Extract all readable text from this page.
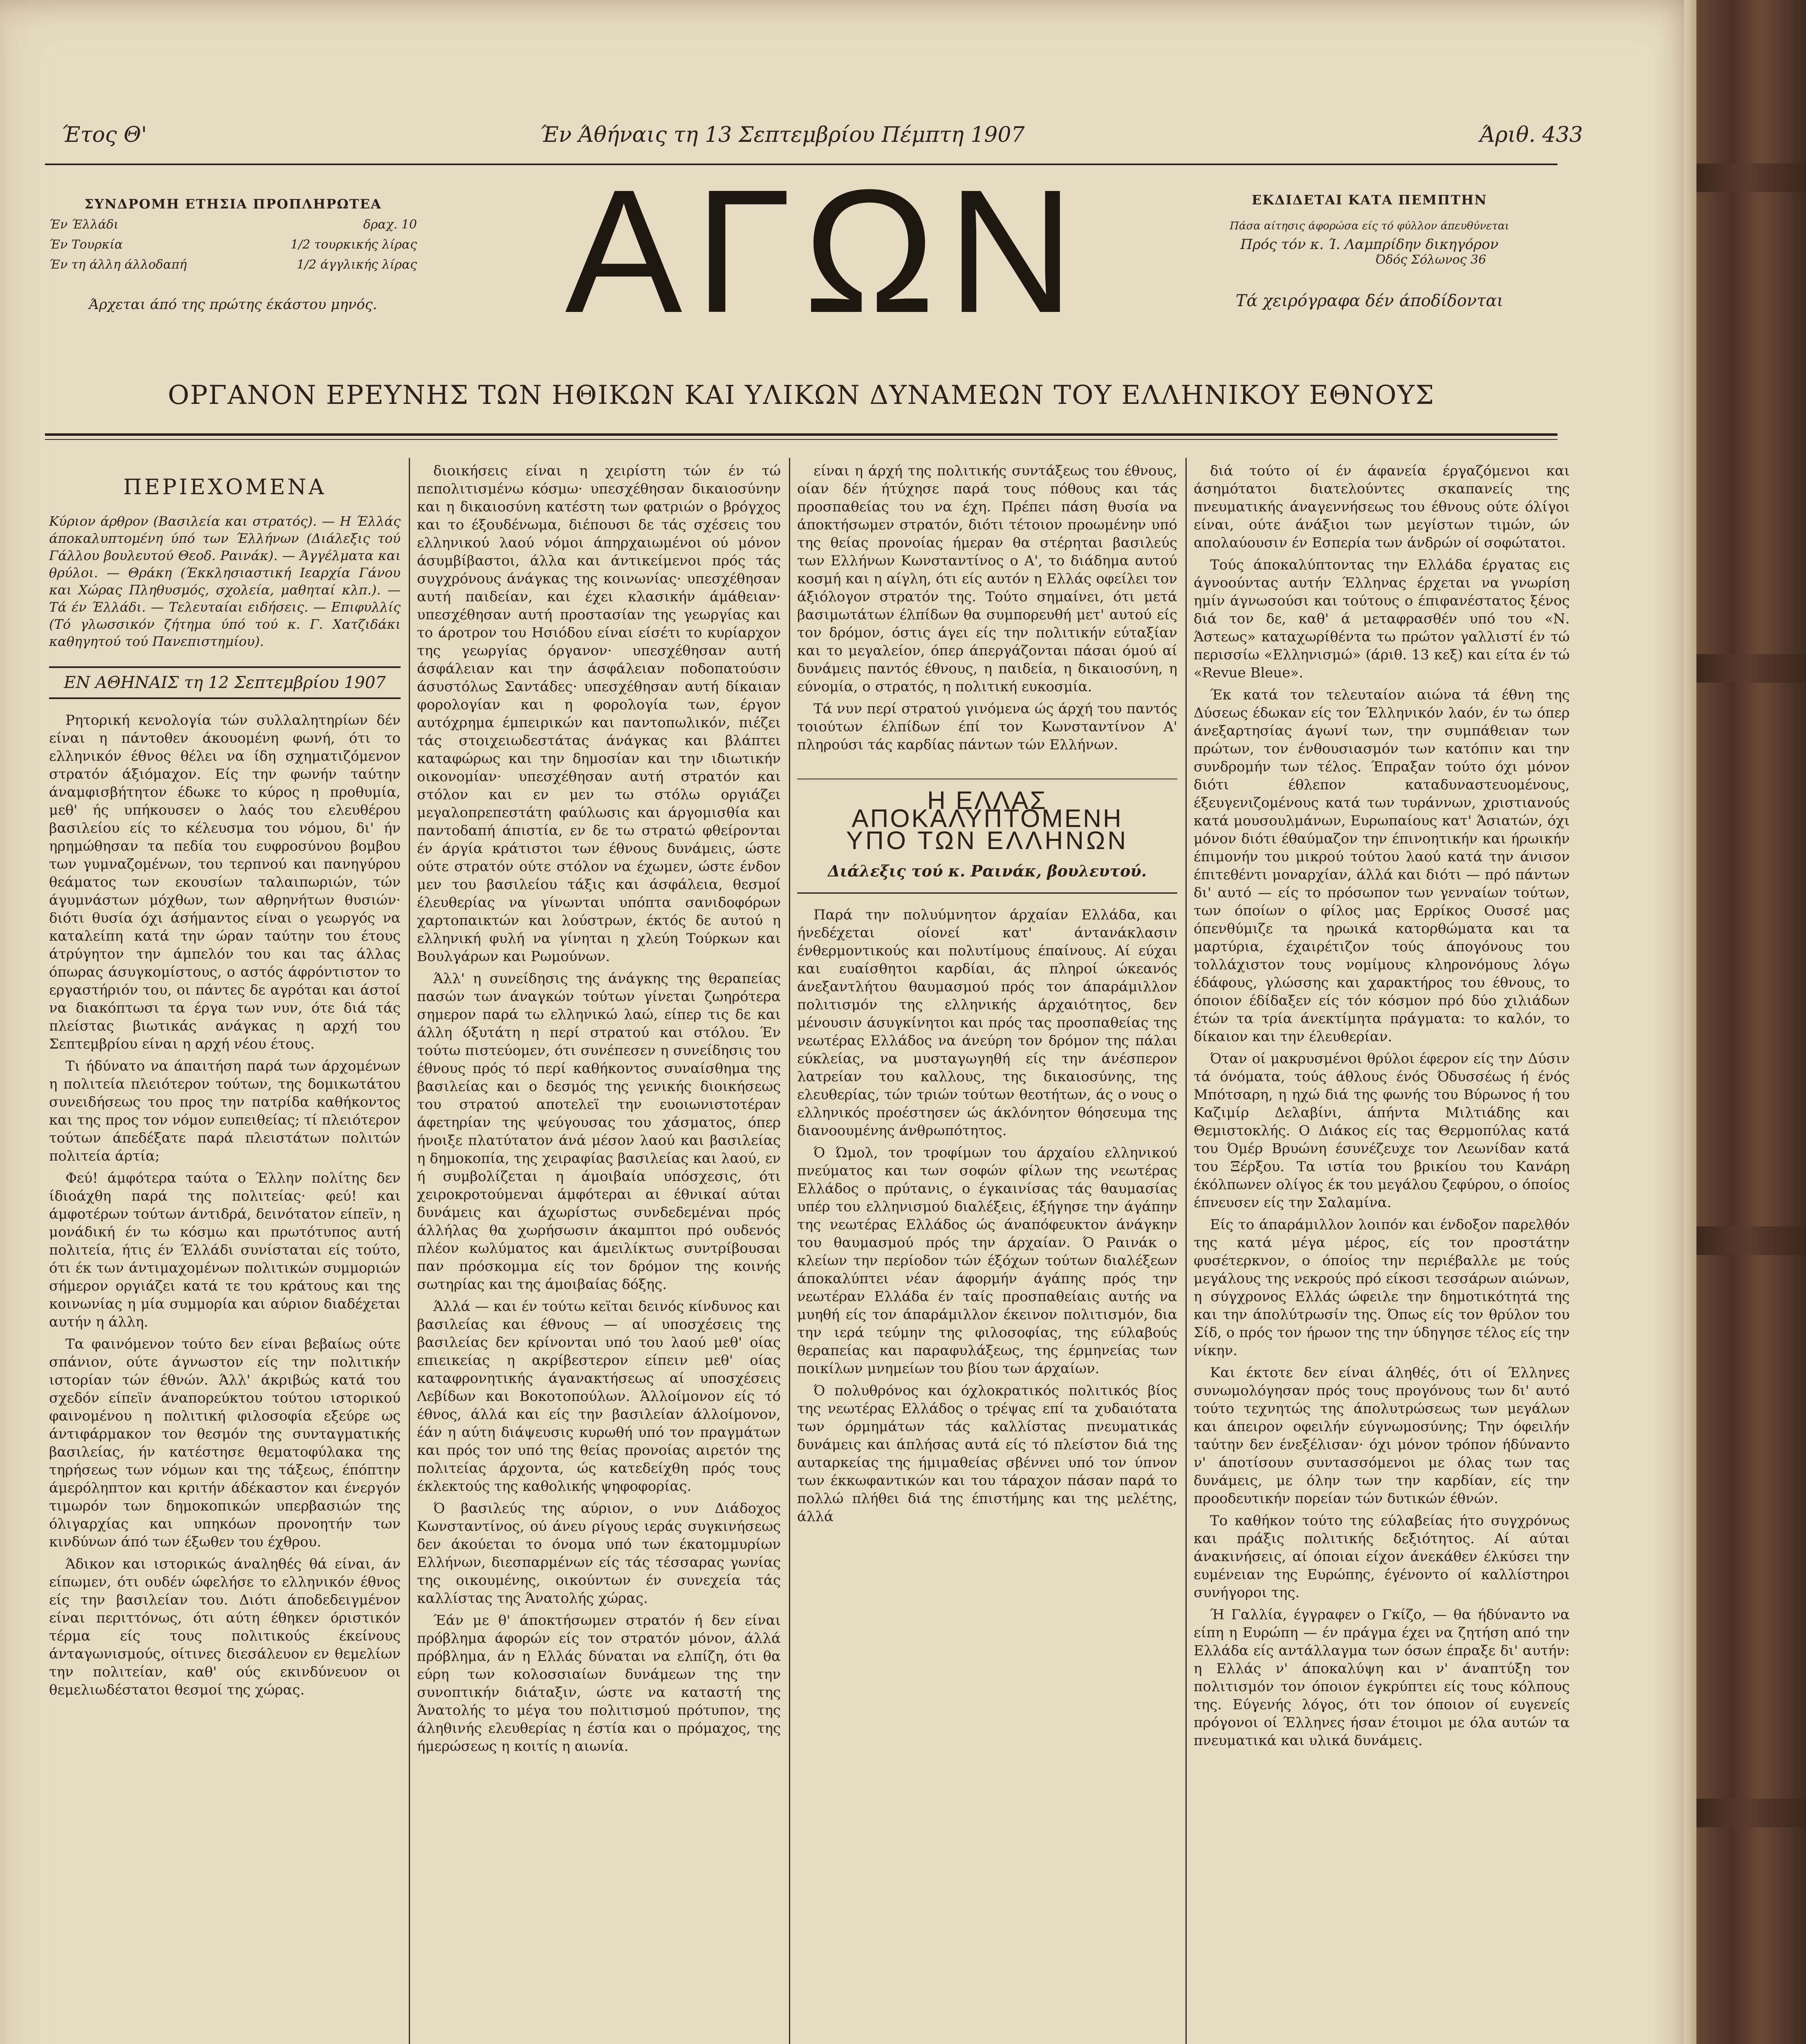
Έτος Θ'	Έν Άθήναις τη 13 Σεπτεμβρίου Πέμπτη 1907	Άριθ. 433
ΣΥΝΔΡΟΜΗ ΕΤΗΣΙΑ ΠΡΟΠΛΗΡΩΤΕΑ
Έν Έλλάδι	δραχ. 10
Έν Τουρκία	1/2 τουρκικής λίρας
Έν τη άλλη άλλοδαπή	1/2 άγγλικής λίρας
Άρχεται άπό της πρώτης έκάστου μηνός.	ΑΓΩΝ	ΕΚΔΙΔΕΤΑΙ ΚΑΤΑ ΠΕΜΠΤΗΝ
Πάσα αίτησις άφορώσα είς τό φύλλον άπευθύνεται
Πρός τόν κ. Ί. Λαμπρίδην δικηγόρον
Όδός Σόλωνος 36
Τά χειρόγραφα δέν άποδίδονται
ΟΡΓΑΝΟΝ ΕΡΕΥΝΗΣ ΤΩΝ ΗΘΙΚΩΝ ΚΑΙ ΥΛΙΚΩΝ ΔΥΝΑΜΕΩΝ ΤΟΥ ΕΛΛΗΝΙΚΟΥ ΕΘΝΟΥΣ
ΠΕΡΙΕΧΟΜΕΝΑ
Κύριον άρθρον (Βασιλεία και στρατός). — Η Έλλάς άποκαλυπτομένη ύπό των Έλλήνων (Διάλεξις τού Γάλλου βουλευτού Θεοδ. Ραινάκ). — Άγγέλματα και θρύλοι. — Θράκη (Έκκλησιαστική Ιεαρχία Γάνου και Χώρας Πληθυσμός, σχολεία, μαθηταί κλπ.). — Τά έν Έλλάδι. — Τελευταίαι ειδήσεις. — Επιφυλλίς (Τό γλωσσικόν ζήτημα ύπό τού κ. Γ. Χατζιδάκι καθηγητού τού Πανεπιστημίου).
ΕΝ ΑΘΗΝΑΙΣ τη 12 Σεπτεμβρίου 1907

Ρητορική κενολογία τών συλλαλητηρίων δέν είναι η πάντοθεν άκουομένη φωνή, ότι το ελληνικόν έθνος θέλει να ίδη σχηματιζόμενον στρατόν άξιόμαχον. Είς την φωνήν ταύτην άναμφισβήτητον έδωκε το κύρος η προθυμία, μεθ' ής υπήκουσεν ο λαός του ελευθέρου βασιλείου είς το κέλευσμα του νόμου, δι' ήν ηρημώθησαν τα πεδία του ευφροσύνου βομβου των γυμναζομένων, του τερπνού και πανηγύρου θεάματος των εκουσίων ταλαιπωριών, τών άγυμνάστων μόχθων, των αθρηνήτων θυσιών· διότι θυσία όχι άσήμαντος είναι ο γεωργός να καταλείπη κατά την ώραν ταύτην του έτους άτρύγητον την άμπελόν του και τας άλλας όπωρας άσυγκομίστους, ο αστός άφρόντιστον το εργαστήριόν του, οι πάντες δε αγρόται και άστοί να διακόπτωσι τα έργα των νυν, ότε διά τάς πλείστας βιωτικάς ανάγκας η αρχή του Σεπτεμβρίου είναι η αρχή νέου έτους.

Τι ήδύνατο να άπαιτήση παρά των άρχομένων η πολιτεία πλειότερον τούτων, της δομικωτάτου συνειδήσεως του προς την πατρίδα καθήκοντος και της προς τον νόμον ευπειθείας; τί πλειότερον τούτων άπεδέξατε παρά πλειστάτων πολιτών πολιτεία άρτία;

Φεύ! άμφότερα ταύτα ο Έλλην πολίτης δεν ίδιοάχθη παρά της πολιτείας· φεύ! και άμφοτέρων τούτων άντιδρά, δεινότατον είπεϊν, η μονάδική έν τω κόσμω και πρωτότυπος αυτή πολιτεία, ήτις έν Έλλάδι συνίσταται είς τούτο, ότι έκ των άντιμαχομένων πολιτικών συμμοριών σήμερον οργιάζει κατά τε του κράτους και της κοινωνίας η μία συμμορία και αύριον διαδέχεται αυτήν η άλλη.

Τα φαινόμενον τούτο δεν είναι βεβαίως ούτε σπάνιον, ούτε άγνωστον είς την πολιτικήν ιστορίαν τών έθνών. Άλλ' άκριβώς κατά του σχεδόν είπεϊν άναπορεύκτου τούτου ιστορικού φαινομένου η πολιτική φιλοσοφία εξεύρε ως άντιφάρμακον τον θεσμόν της συνταγματικής βασιλείας, ήν κατέστησε θεματοφύλακα της τηρήσεως των νόμων και της τάξεως, έπόπτην άμερόληπτον και κριτήν άδέκαστον και ένεργόν τιμωρόν των δημοκοπικών υπερβασιών της όλιγαρχίας και υπηκόων προνοητήν των κινδύνων άπό των έξωθεν του έχθρου.

Άδικον και ιστορικώς άναληθές θά είναι, άν είπωμεν, ότι ουδέν ώφελήσε το ελληνικόν έθνος είς την βασιλείαν του. Διότι άποδεδειγμένον είναι περιττόνως, ότι αύτη έθηκεν όριστικόν τέρμα είς τους πολιτικούς έκείνους άνταγωνισμούς, οίτινες διεσάλευον εν θεμελίων την πολιτείαν, καθ' ούς εκινδύνευον οι θεμελιωδέστατοι θεσμοί της χώρας.

διοικήσεις είναι η χειρίστη τών έν τώ πεπολιτισμένω κόσμω· υπεσχέθησαν δικαιοσύνην και η δικαιοσύνη κατέστη των φατριών ο βρόγχος και το έξουδένωμα, διέπουσι δε τάς σχέσεις του ελληνικού λαού νόμοι άπηρχαιωμένοι ού μόνον άσυμβίβαστοι, άλλα και άντικείμενοι πρός τάς συγχρόνους άνάγκας της κοινωνίας· υπεσχέθησαν αυτή παιδείαν, και έχει κλασικήν άμάθειαν· υπεσχέθησαν αυτή προστασίαν της γεωργίας και το άροτρον του Ησιόδου είναι είσέτι το κυρίαρχον της γεωργίας όργανον· υπεσχέθησαν αυτή άσφάλειαν και την άσφάλειαν ποδοπατούσιν άσυστόλως Σαντάδες· υπεσχέθησαν αυτή δίκαιαν φορολογίαν και η φορολογία των, έργον αυτόχρημα έμπειρικών και παντοπωλικόν, πιέζει τάς στοιχειωδεστάτας άνάγκας και βλάπτει καταφώρως και την δημοσίαν και την ιδιωτικήν οικονομίαν· υπεσχέθησαν αυτή στρατόν και στόλον και εν μεν τω στόλω οργιάζει μεγαλοπρεπεστάτη φαύλωσις και άργομισθία και παντοδαπή άπιστία, εν δε τω στρατώ φθείρονται έν άργία κράτιστοι των έθνους δυνάμεις, ώστε ούτε στρατόν ούτε στόλον να έχωμεν, ώστε ένδον μεν του βασιλείου τάξις και άσφάλεια, θεσμοί έλευθερίας να γίνωνται υπόπτα σανιδοφόρων χαρτοπαικτών και λούστρων, έκτός δε αυτού η ελληνική φυλή να γίνηται η χλεύη Τούρκων και Βουλγάρων και Ρωμούνων.

Άλλ' η συνείδησις της άνάγκης της θεραπείας πασών των άναγκών τούτων γίνεται ζωηρότερα σημερον παρά τω ελληνικώ λαώ, είπερ τις δε και άλλη όξυτάτη η περί στρατού και στόλου. Έν τούτω πιστεύομεν, ότι συνέπεσεν η συνείδησις του έθνους πρός τό περί καθήκοντος συναίσθημα της βασιλείας και ο δεσμός της γενικής διοικήσεως του στρατού αποτελεϊ την ευοιωνιστοτέραν άφετηρίαν της ψεύγουσας του χάσματος, όπερ ήνοιξε πλατύτατον άνά μέσον λαού και βασιλείας η δημοκοπία, της χειραφίας βασιλείας και λαού, εν ή συμβολίζεται η άμοιβαία υπόσχεσις, ότι χειροκροτούμεναι άμφότεραι αι έθνικαί αύται δυνάμεις και άχωρίστως συνδεδεμέναι πρός άλλήλας θα χωρήσωσιν άκαμπτοι πρό ουδενός πλέον κωλύματος και άμειλίκτως συντρίβουσαι παν πρόσκομμα είς τον δρόμον της κοινής σωτηρίας και της άμοιβαίας δόξης.

Άλλά — και έν τούτω κεϊται δεινός κίνδυνος και βασιλείας και έθνους — αί υποσχέσεις της βασιλείας δεν κρίνονται υπό του λαού μεθ' οίας επιεικείας η ακρίβεστερον είπειν μεθ' οίας καταφρονητικής άγανακτήσεως αί υποσχέσεις Λεβίδων και Βοκοτοπούλων. Άλλοίμονον είς τό έθνος, άλλά και είς την βασιλείαν άλλοίμονον, έάν η αύτη διάψευσις κυρωθή υπό τον πραγμάτων και πρός τον υπό της θείας προνοίας αιρετόν της πολιτείας άρχοντα, ώς κατεδείχθη πρός τους έκλεκτούς της καθολικής ψηφοφορίας.

Ό βασιλεύς της αύριον, ο νυν Διάδοχος Κωνσταντίνος, ού άνευ ρίγους ιεράς συγκινήσεως δεν άκούεται το όνομα υπό των έκατομμυρίων Ελλήνων, διεσπαρμένων είς τάς τέσσαρας γωνίας της οικουμένης, οικούντων έν συνεχεία τάς καλλίστας της Άνατολής χώρας.

Έάν με θ' άποκτήσωμεν στρατόν ή δεν είναι πρόβλημα άφορών είς τον στρατόν μόνον, άλλά πρόβλημα, άν η Ελλάς δύναται να ελπίζη, ότι θα εύρη των κολοσσιαίων δυνάμεων της την συνοπτικήν διάταξιν, ώστε να καταστή της Άνατολής το μέγα του πολιτισμού πρότυπον, της άληθινής ελευθερίας η έστία και ο πρόμαχος, της ήμερώσεως η κοιτίς η αιωνία.

είναι η άρχή της πολιτικής συντάξεως του έθνους, οίαν δέν ήτύχησε παρά τους πόθους και τάς προσπαθείας του να έχη. Πρέπει πάση θυσία να άποκτήσωμεν στρατόν, διότι τέτοιον προωμένην υπό της θείας προνοίας ήμεραν θα στέρηται βασιλεύς των Ελλήνων Κωνσταντίνος ο Α', το διάδημα αυτού κοσμή και η αίγλη, ότι είς αυτόν η Ελλάς οφείλει τον άξιόλογον στρατόν της. Τούτο σημαίνει, ότι μετά βασιμωτάτων έλπίδων θα συμπορευθή μετ' αυτού είς τον δρόμον, όστις άγει είς την πολιτικήν εύταξίαν και το μεγαλείον, όπερ άπεργάζονται πάσαι όμού αί δυνάμεις παντός έθνους, η παιδεία, η δικαιοσύνη, η εύνομία, ο στρατός, η πολιτική ευκοσμία.

Τά νυν περί στρατού γινόμενα ώς άρχή του παντός τοιούτων έλπίδων έπί τον Κωνσταντίνον Α' πληρούσι τάς καρδίας πάντων τών Ελλήνων.

Η ΕΛΛΑΣ ΑΠΟΚΑΛΥΠΤΟΜΕΝΗ
ΥΠΟ ΤΩΝ ΕΛΛΗΝΩΝ
Διάλεξις τού κ. Ραινάκ, βουλευτού.

Παρά την πολυύμνητον άρχαίαν Ελλάδα, και ήνεδέχεται οίονεί κατ' άντανάκλασιν ένθερμοντικούς και πολυτίμους έπαίνους. Αί εύχαι και ευαίσθητοι καρδίαι, άς πληροί ώκεανός άνεξαντλήτου θαυμασμού πρός τον άπαράμιλλον πολιτισμόν της ελληνικής άρχαιότητος, δεν μένουσιν άσυγκίνητοι και πρός τας προσπαθείας της νεωτέρας Ελλάδος να άνεύρη τον δρόμον της πάλαι εύκλείας, να μυσταγωγηθή είς την άνέσπερον λατρείαν του καλλους, της δικαιοσύνης, της ελευθερίας, τών τριών τούτων θεοτήτων, άς ο νους ο ελληνικός προέστησεν ώς άκλόνητον θόησευμα της διανοουμένης άνθρωπότητος.

Ό Ώμολ, τον τροφίμων του άρχαίου ελληνικού πνεύματος και των σοφών φίλων της νεωτέρας Ελλάδος ο πρύτανις, ο έγκαινίσας τάς θαυμασίας υπέρ του ελληνισμού διαλέξεις, έξήγησε την άγάπην της νεωτέρας Ελλάδος ώς άναπόφευκτον άνάγκην του θαυμασμού πρός την άρχαίαν. Ό Ραινάκ ο κλείων την περίοδον τών έξόχων τούτων διαλέξεων άποκαλύπτει νέαν άφορμήν άγάπης πρός την νεωτέραν Ελλάδα έν ταίς προσπαθείαις αυτής να μυηθή είς τον άπαράμιλλον έκεινον πολιτισμόν, δια την ιερά τεύμην της φιλοσοφίας, της εύλαβούς θεραπείας και παραφυλάξεως, της έρμηνείας των ποικίλων μνημείων του βίου των άρχαίων.

Ό πολυθρόνος και όχλοκρατικός πολιτικός βίος της νεωτέρας Ελλάδος ο τρέψας επί τα χυδαιότατα των όρμημάτων τάς καλλίστας πνευματικάς δυνάμεις και άπλήσας αυτά είς τό πλείστον διά της αυταρκείας της ήμιμαθείας σβέννει υπό τον ύπνον των έκκωφαντικών και του τάραχον πάσαν παρά το πολλώ πλήθει διά της έπιστήμης και της μελέτης, άλλά

διά τούτο οί έν άφανεία έργαζόμενοι και άσημότατοι διατελούντες σκαπανείς της πνευματικής άναγεννήσεως του έθνους ούτε όλίγοι είναι, ούτε άνάξιοι των μεγίστων τιμών, ών απολαύουσιν έν Εσπερία των άνδρών οί σοφώτατοι.

Τούς άποκαλύπτοντας την Ελλάδα έργατας εις άγνοούντας αυτήν Έλληνας έρχεται να γνωρίση ημίν άγνωσούσι και τούτους ο έπιφανέστατος ξένος διά τον δε, καθ' ά μεταφρασθέν υπό του «Ν. Άστεως» καταχωρίθέντα τω πρώτον γαλλιστί έν τώ περισσίω «Ελληνισμώ» (άριθ. 13 κεξ) και είτα έν τώ «Revue Bleue».

Έκ κατά τον τελευταίον αιώνα τά έθνη της Δύσεως έδωκαν είς τον Έλληνικόν λαόν, έν τω όπερ άνεξαρτησίας άγωνί των, την συμπάθειαν των πρώτων, τον ένθουσιασμόν των κατόπιν και την συνδρομήν των τέλος. Έπραξαν τούτο όχι μόνον διότι έθλεπον καταδυναστευομένους, έξευγενιζομένους κατά των τυράννων, χριστιανούς κατά μουσουλμάνων, Ευρωπαίους κατ' Άσιατών, όχι μόνον διότι έθαύμαζον την έπινοητικήν και ήρωικήν έπιμονήν του μικρού τούτου λαού κατά την άνισον έπιτεθέντι μοναρχίαν, άλλά και διότι — πρό πάντων δι' αυτό — είς το πρόσωπον των γενναίων τούτων, των όποίων ο φίλος μας Ερρίκος Ουσσέ μας όπενθύμιζε τα ηρωικά κατορθώματα και τα μαρτύρια, έχαιρέτιζον τούς άπογόνους του τολλάχιστον τους νομίμους κληρονόμους λόγω έδάφους, γλώσσης και χαρακτήρος του έθνους, το όποιον έδίδαξεν είς τόν κόσμον πρό δύο χιλιάδων έτών τα τρία άνεκτίμητα πράγματα: το καλόν, το δίκαιον και την έλευθερίαν.

Όταν οί μακρυσμένοι θρύλοι έφερον είς την Δύσιν τά όνόματα, τούς άθλους ένός Όδυσσέως ή ένός Μπότσαρη, η ηχώ διά της φωνής του Βύρωνος ή του Καζιμίρ Δελαβίνι, άπήντα Μιλτιάδης και Θεμιστοκλής. Ο Διάκος είς τας Θερμοπύλας κατά του Όμέρ Βρυώνη έσυνέζευχε τον Λεωνίδαν κατά του Ξέρξου. Τα ιστία του βρικίου του Κανάρη έκόλπωνεν ολίγος έκ του μεγάλου ζεφύρου, ο όποίος έπνευσεν είς την Σαλαμίνα.

Είς το άπαράμιλλον λοιπόν και ένδοξον παρελθόν της κατά μέγα μέρος, είς τον προστάτην φυσέτερκνον, ο όποίος την περιέβαλλε με τούς μεγάλους της νεκρούς πρό είκοσι τεσσάρων αιώνων, η σύγχρονος Ελλάς ώφειλε την δημοτικότητά της και την άπολύτρωσίν της. Όπως είς τον θρύλον του Σίδ, ο πρός τον ήρωον της την ύδηγησε τέλος είς την νίκην.

Και έκτοτε δεν είναι άληθές, ότι οί Έλληνες συνωμολόγησαν πρός τους προγόνους των δι' αυτό τούτο τεχνητώς της άπολυτρώσεως των μεγάλων και άπειρον οφειλήν εύγνωμοσύνης; Την όφειλήν ταύτην δεν ένεξέλισαν· όχι μόνον τρόπον ήδύναντο ν' άποτίσουν συντασσόμενοι με όλας των τας δυνάμεις, με όλην των την καρδίαν, είς την προοδευτικήν πορείαν τών δυτικών έθνών.

Το καθήκον τούτο της εύλαβείας ήτο συγχρόνως και πράξις πολιτικής δεξιότητος. Αί αύται άνακινήσεις, αί όποιαι είχον άνεκάθεν έλκύσει την ευμένειαν της Ευρώπης, έγένοντο οί καλλίστηροι συνήγοροι της.

Ή Γαλλία, έγγραφεν ο Γκίζο, — θα ήδύναντο να είπη η Ευρώπη — έν πράγμα έχει να ζητήση από την Ελλάδα είς αντάλλαγμα των όσων έπραξε δι' αυτήν: η Ελλάς ν' άποκαλύψη και ν' άναπτύξη τον πολιτισμόν τον όποιον έγκρύπτει είς τους κόλπους της. Εύγενής λόγος, ότι τον όποιον οί ευγενείς πρόγονοι οί Έλληνες ήσαν έτοιμοι με όλα αυτών τα πνευματικά και υλικά δυνάμεις.
